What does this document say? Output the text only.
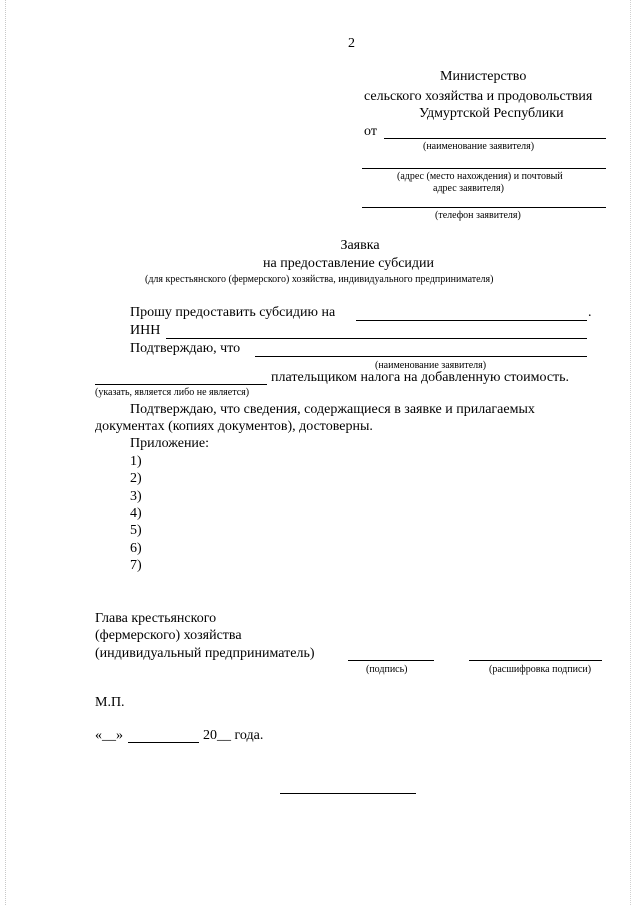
2
Министерство
сельского хозяйства и продовольствия
Удмуртской Республики
от
(наименование заявителя)
(адрес (место нахождения) и почтовый
адрес заявителя)
(телефон заявителя)
Заявка
на предоставление субсидии
(для крестьянского (фермерского) хозяйства, индивидуального предпринимателя)
Прошу предоставить субсидию на	.
ИНН
Подтверждаю, что
(наименование заявителя)
плательщиком налога на добавленную стоимость.
(указать, является либо не является)
Подтверждаю, что сведения, содержащиеся в заявке и прилагаемых
документах (копиях документов), достоверны.
Приложение:
1)
2)
3)
4)
5)
6)
7)
Глава крестьянского
(фермерского) хозяйства
(индивидуальный предприниматель)
(подпись)	(расшифровка подписи)
М.П.
«__»	20__ года.
